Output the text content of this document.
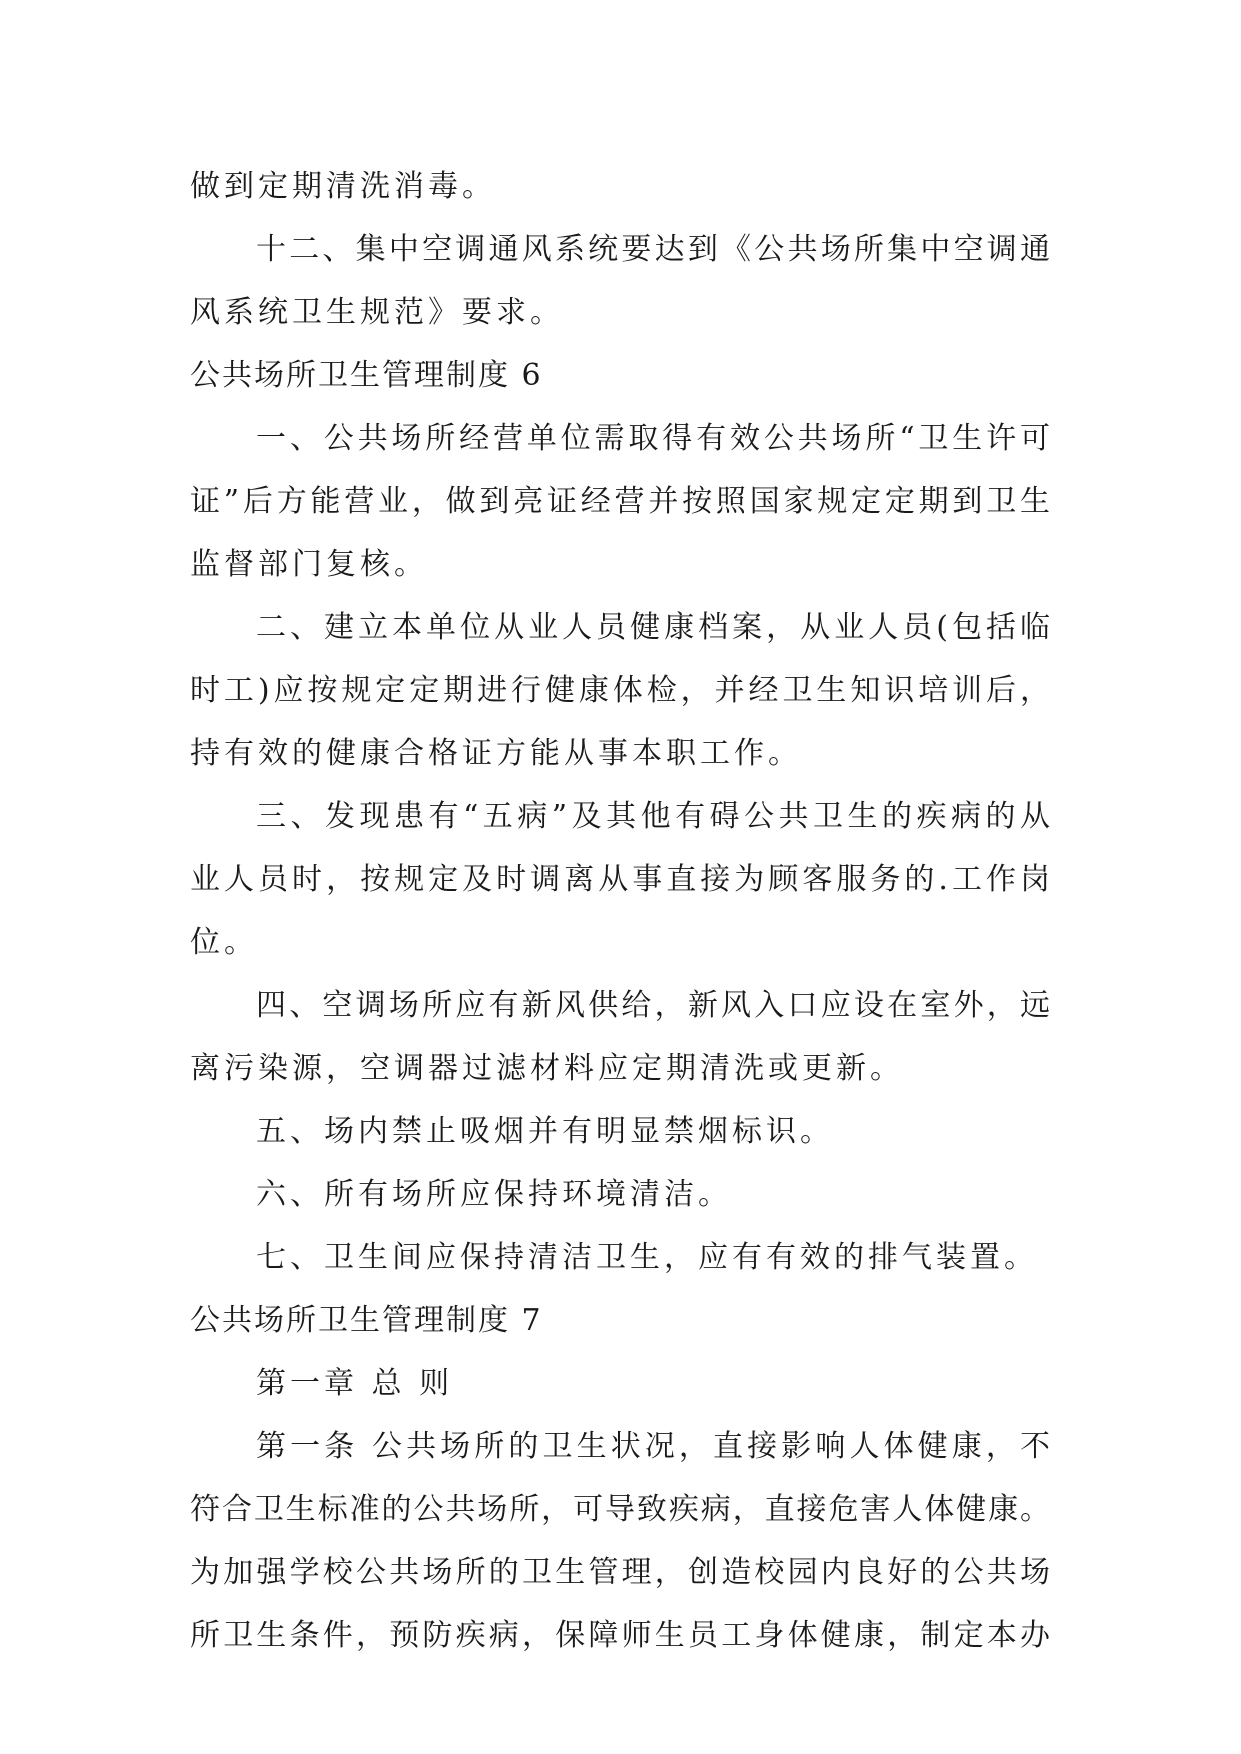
做到定期清洗消毒。
十二、集中空调通风系统要达到《公共场所集中空调通
风系统卫生规范》要求。
公共场所卫生管理制度 6
一、公共场所经营单位需取得有效公共场所“卫生许可
证”后方能营业，做到亮证经营并按照国家规定定期到卫生
监督部门复核。
二、建立本单位从业人员健康档案，从业人员(包括临
时工)应按规定定期进行健康体检，并经卫生知识培训后，
持有效的健康合格证方能从事本职工作。
三、发现患有“五病”及其他有碍公共卫生的疾病的从
业人员时，按规定及时调离从事直接为顾客服务的.工作岗
位。
四、空调场所应有新风供给，新风入口应设在室外，远
离污染源，空调器过滤材料应定期清洗或更新。
五、场内禁止吸烟并有明显禁烟标识。
六、所有场所应保持环境清洁。
七、卫生间应保持清洁卫生，应有有效的排气装置。
公共场所卫生管理制度 7
第一章 总 则
第一条 公共场所的卫生状况，直接影响人体健康，不
符合卫生标准的公共场所，可导致疾病，直接危害人体健康。
为加强学校公共场所的卫生管理，创造校园内良好的公共场
所卫生条件，预防疾病，保障师生员工身体健康，制定本办
